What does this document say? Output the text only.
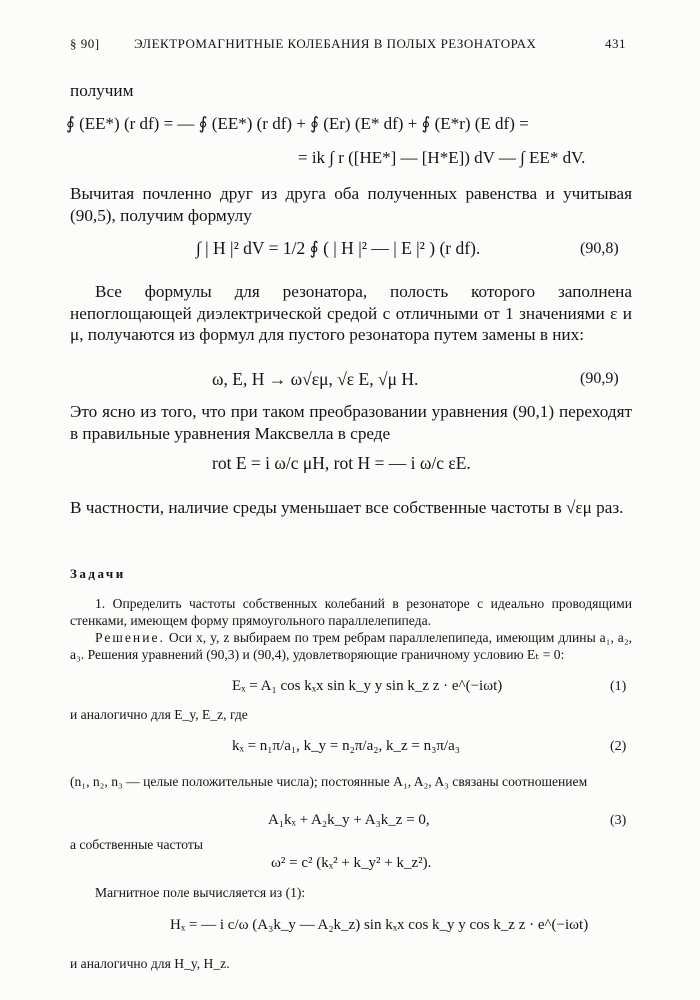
§ 90]	ЭЛЕКТРОМАГНИТНЫЕ КОЛЕБАНИЯ В ПОЛЫХ РЕЗОНАТОРАХ	431
получим
∮ (EE*) (r df) = — ∮ (EE*) (r df) + ∮ (Er) (E* df) + ∮ (E*r) (E df) =
= ik ∫ r ([HE*] — [H*E]) dV — ∫ EE* dV.
Вычитая почленно друг из друга оба полученных равенства и учитывая (90,5), получим формулу
∫ | H |² dV = 1/2 ∮ ( | H |² — | E |² ) (r df).	(90,8)
Все формулы для резонатора, полость которого заполнена непоглощающей диэлектрической средой с отличными от 1 значениями ε и μ, получаются из формул для пустого резонатора путем замены в них:
ω, E, H → ω√εμ, √ε E, √μ H.	(90,9)
Это ясно из того, что при таком преобразовании уравнения (90,1) переходят в правильные уравнения Максвелла в среде
rot E = i ω/c μH, rot H = — i ω/c εE.
В частности, наличие среды уменьшает все собственные частоты в √εμ раз.
Задачи
1. Определить частоты собственных колебаний в резонаторе с идеально проводящими стенками, имеющем форму прямоугольного параллелепипеда.
Решение. Оси x, y, z выбираем по трем ребрам параллелепипеда, имеющим длины a₁, a₂, a₃. Решения уравнений (90,3) и (90,4), удовлетворяющие граничному условию Eₜ = 0:
Eₓ = A₁ cos kₓx sin k_y y sin k_z z · e^(−iωt)	(1)
и аналогично для E_y, E_z, где
kₓ = n₁π/a₁, k_y = n₂π/a₂, k_z = n₃π/a₃	(2)
(n₁, n₂, n₃ — целые положительные числа); постоянные A₁, A₂, A₃ связаны соотношением
A₁kₓ + A₂k_y + A₃k_z = 0,	(3)
а собственные частоты
ω² = c² (kₓ² + k_y² + k_z²).
Магнитное поле вычисляется из (1):
Hₓ = — i c/ω (A₃k_y — A₂k_z) sin kₓx cos k_y y cos k_z z · e^(−iωt)
и аналогично для H_y, H_z.
